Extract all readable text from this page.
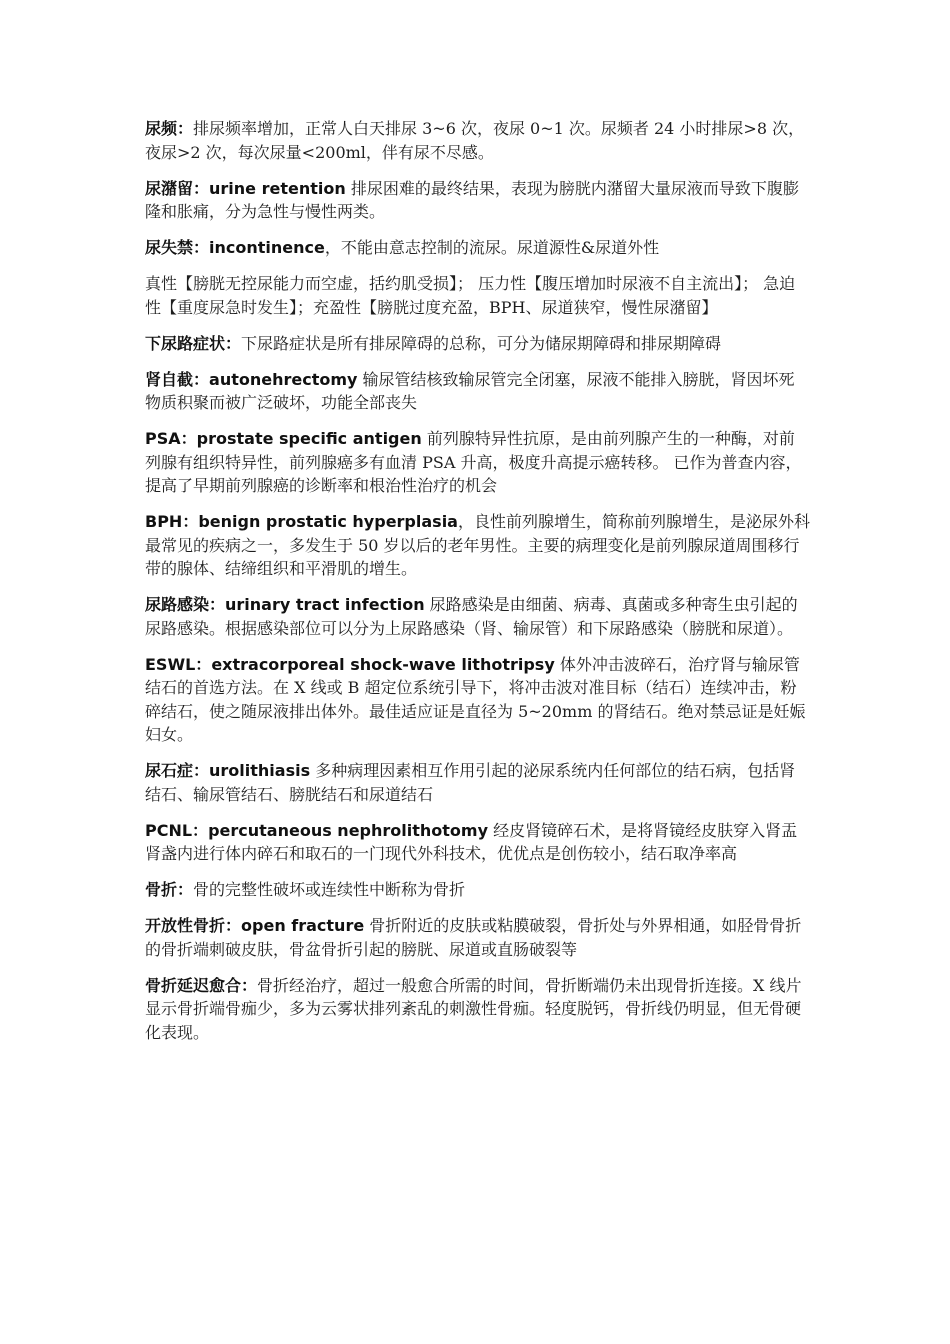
尿频：排尿频率增加，正常人白天排尿 3~6 次，夜尿 0~1 次。尿频者 24 小时排尿>8 次，夜尿>2 次，每次尿量<200ml，伴有尿不尽感。

尿潴留：urine retention 排尿困难的最终结果，表现为膀胱内潴留大量尿液而导致下腹膨隆和胀痛，分为急性与慢性两类。

尿失禁：incontinence，不能由意志控制的流尿。尿道源性&尿道外性

真性【膀胱无控尿能力而空虚，括约肌受损】； 压力性【腹压增加时尿液不自主流出】； 急迫性【重度尿急时发生】；充盈性【膀胱过度充盈，BPH、尿道狭窄，慢性尿潴留】

下尿路症状：下尿路症状是所有排尿障碍的总称，可分为储尿期障碍和排尿期障碍

肾自截：autonehrectomy 输尿管结核致输尿管完全闭塞，尿液不能排入膀胱，肾因坏死物质积聚而被广泛破坏，功能全部丧失

PSA：prostate specific antigen 前列腺特异性抗原，是由前列腺产生的一种酶，对前列腺有组织特异性，前列腺癌多有血清 PSA 升高，极度升高提示癌转移。 已作为普查内容，提高了早期前列腺癌的诊断率和根治性治疗的机会

BPH：benign prostatic hyperplasia，良性前列腺增生，简称前列腺增生，是泌尿外科最常见的疾病之一，多发生于 50 岁以后的老年男性。主要的病理变化是前列腺尿道周围移行带的腺体、结缔组织和平滑肌的增生。

尿路感染：urinary tract infection 尿路感染是由细菌、病毒、真菌或多种寄生虫引起的尿路感染。根据感染部位可以分为上尿路感染（肾、输尿管）和下尿路感染（膀胱和尿道）。

ESWL：extracorporeal shock-wave lithotripsy 体外冲击波碎石，治疗肾与输尿管结石的首选方法。在 X 线或 B 超定位系统引导下，将冲击波对准目标（结石）连续冲击，粉碎结石，使之随尿液排出体外。最佳适应证是直径为 5~20mm 的肾结石。绝对禁忌证是妊娠妇女。

尿石症：urolithiasis 多种病理因素相互作用引起的泌尿系统内任何部位的结石病，包括肾结石、输尿管结石、膀胱结石和尿道结石

PCNL：percutaneous nephrolithotomy 经皮肾镜碎石术，是将肾镜经皮肤穿入肾盂肾盏内进行体内碎石和取石的一门现代外科技术，优优点是创伤较小，结石取净率高

骨折：骨的完整性破坏或连续性中断称为骨折

开放性骨折：open fracture 骨折附近的皮肤或粘膜破裂，骨折处与外界相通，如胫骨骨折的骨折端刺破皮肤，骨盆骨折引起的膀胱、尿道或直肠破裂等

骨折延迟愈合：骨折经治疗，超过一般愈合所需的时间，骨折断端仍未出现骨折连接。X 线片显示骨折端骨痂少，多为云雾状排列紊乱的刺激性骨痂。轻度脱钙，骨折线仍明显，但无骨硬化表现。
